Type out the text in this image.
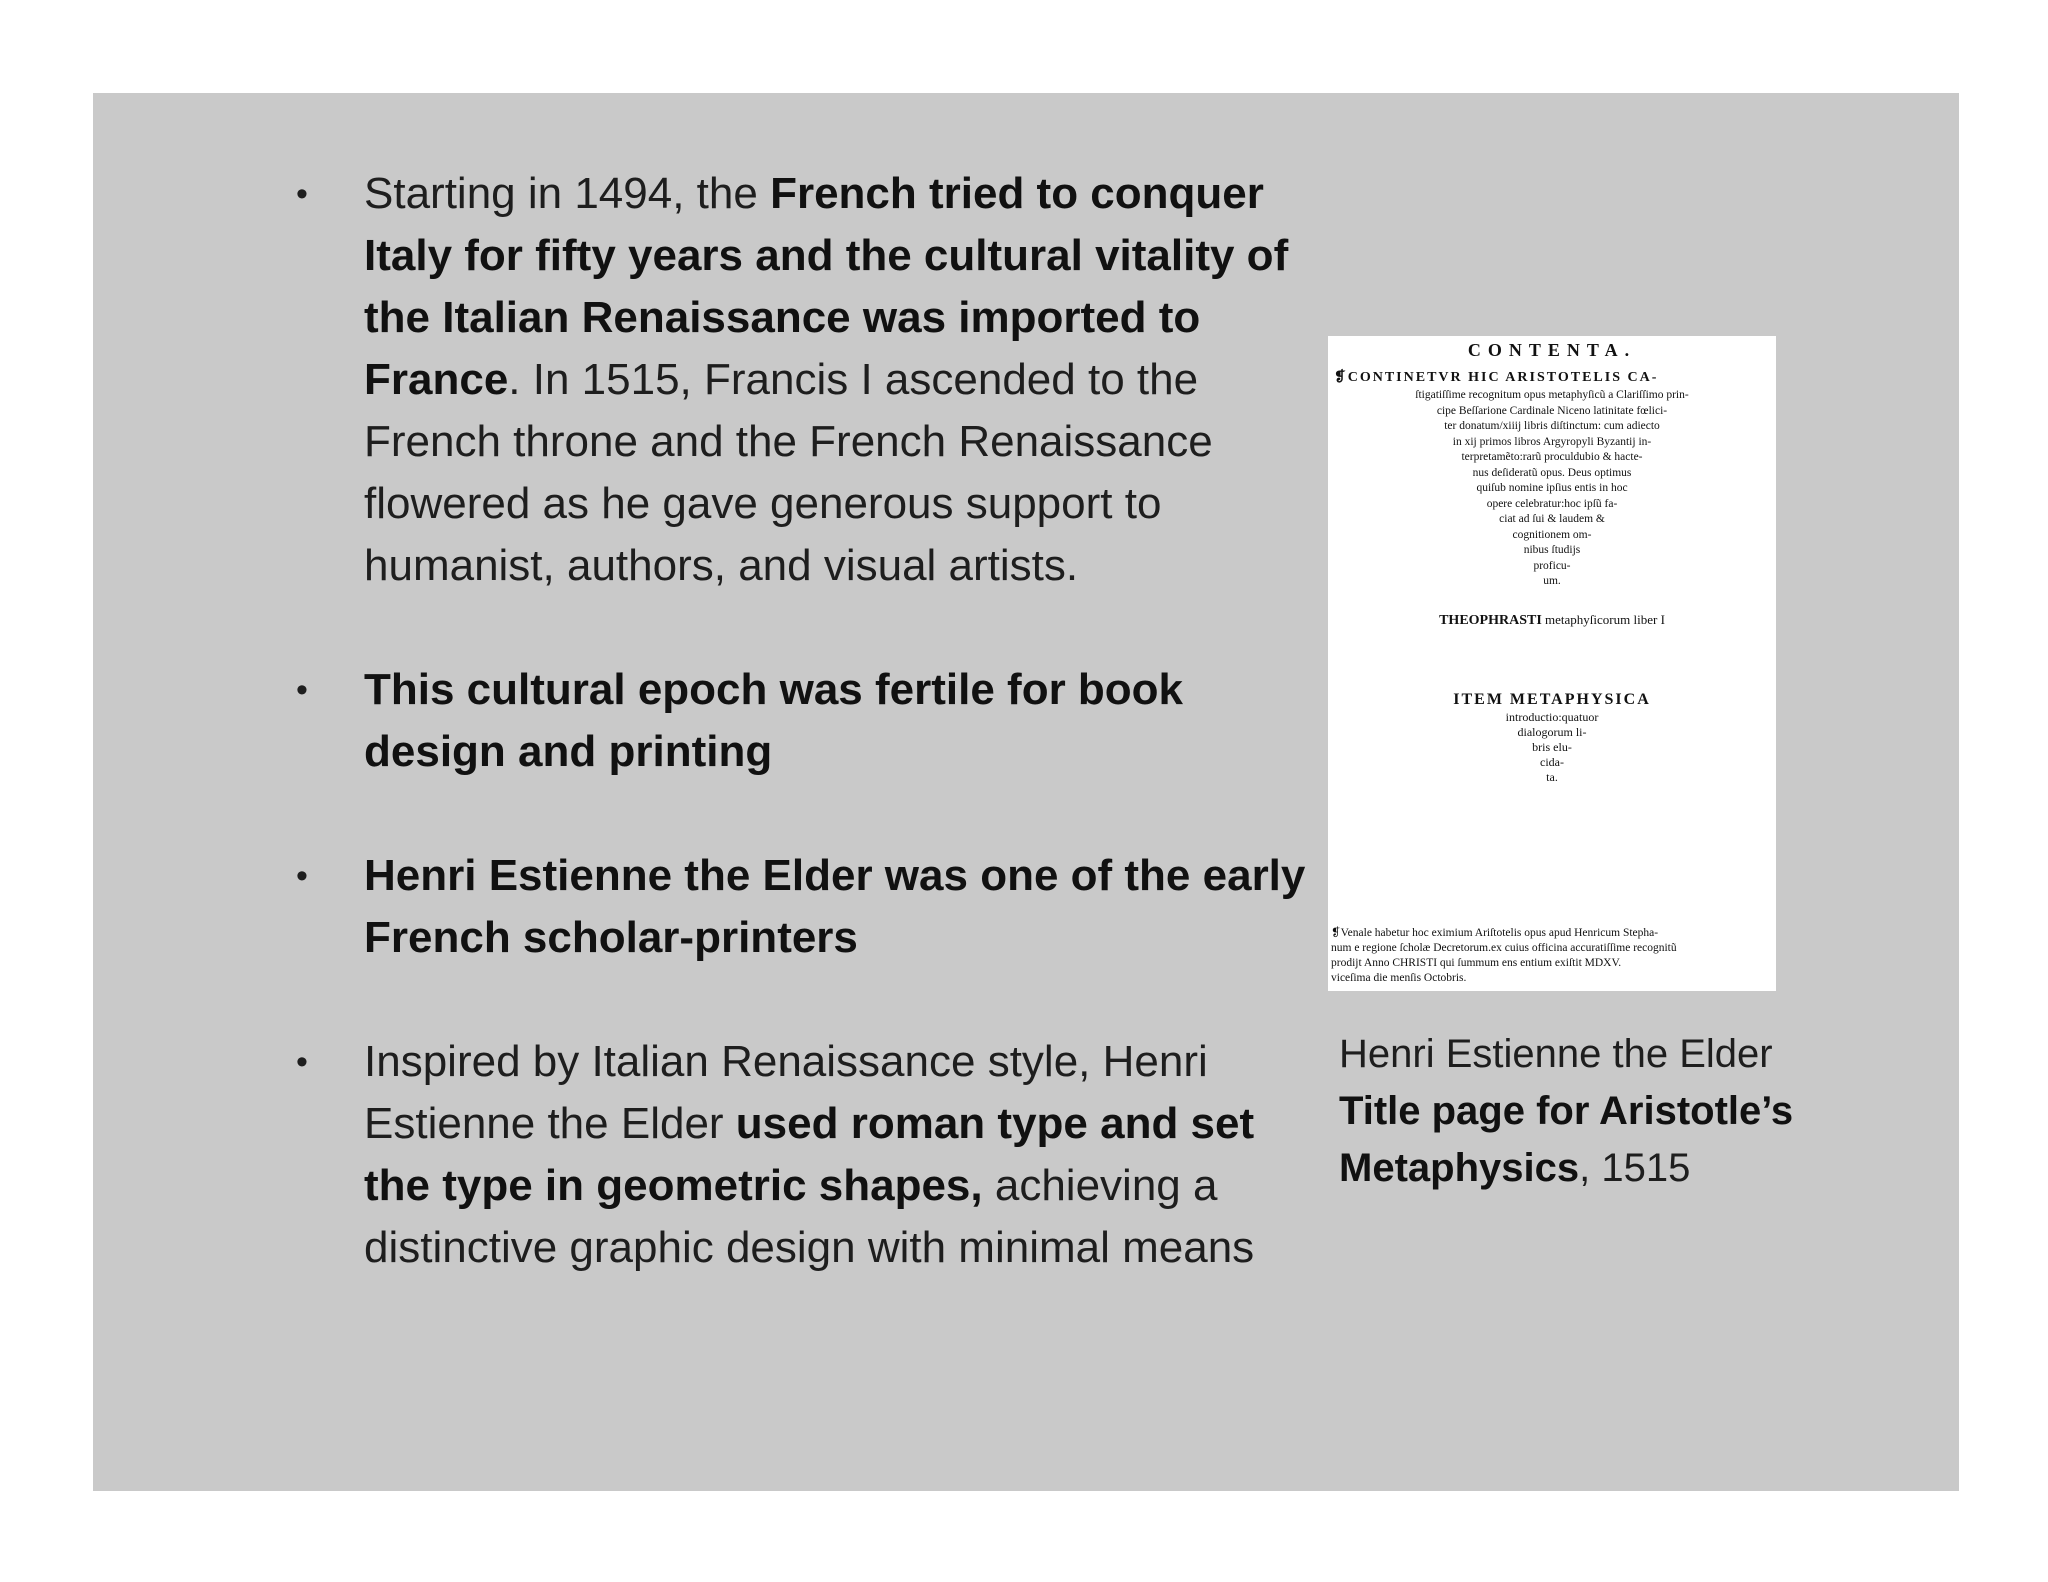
• Starting in 1494, the French tried to conquer Italy for fifty years and the cultural vitality of the Italian Renaissance was imported to France. In 1515, Francis I ascended to the French throne and the French Renaissance flowered as he gave generous support to humanist, authors, and visual artists.
• This cultural epoch was fertile for book design and printing
• Henri Estienne the Elder was one of the early French scholar-printers
• Inspired by Italian Renaissance style, Henri Estienne the Elder used roman type and set the type in geometric shapes, achieving a distinctive graphic design with minimal means
CONTENTA.
❡CONTINETVR HIC ARISTOTELIS CA-
ſtigatiſſime recognitum opus metaphyſicũ a Clariſſimo prin-
cipe Beſſarione Cardinale Niceno latinitate fœlici-
ter donatum/xiiij libris diſtinctum: cum adiecto
in xij primos libros Argyropyli Byzantij in-
terpretamẽto:rarũ proculdubio & hacte-
nus deſideratũ opus. Deus optimus
quiſub nomine ipſius entis in hoc
opere celebratur:hoc ipſũ fa-
ciat ad ſui & laudem &
cognitionem om-
nibus ſtudijs
proficu-
um.
THEOPHRASTI metaphyſicorum liber I
ITEM METAPHYSICA
introductio:quatuor
dialogorum li-
bris elu-
cida-
ta.
❡Venale habetur hoc eximium Ariſtotelis opus apud Henricum Stepha-
num e regione ſcholæ Decretorum.ex cuius officina accuratiſſime recognitũ
prodijt Anno CHRISTI qui ſummum ens entium exiſtit MDXV.
viceſima die menſis Octobris.
Henri Estienne the Elder
Title page for Aristotle’s Metaphysics, 1515
